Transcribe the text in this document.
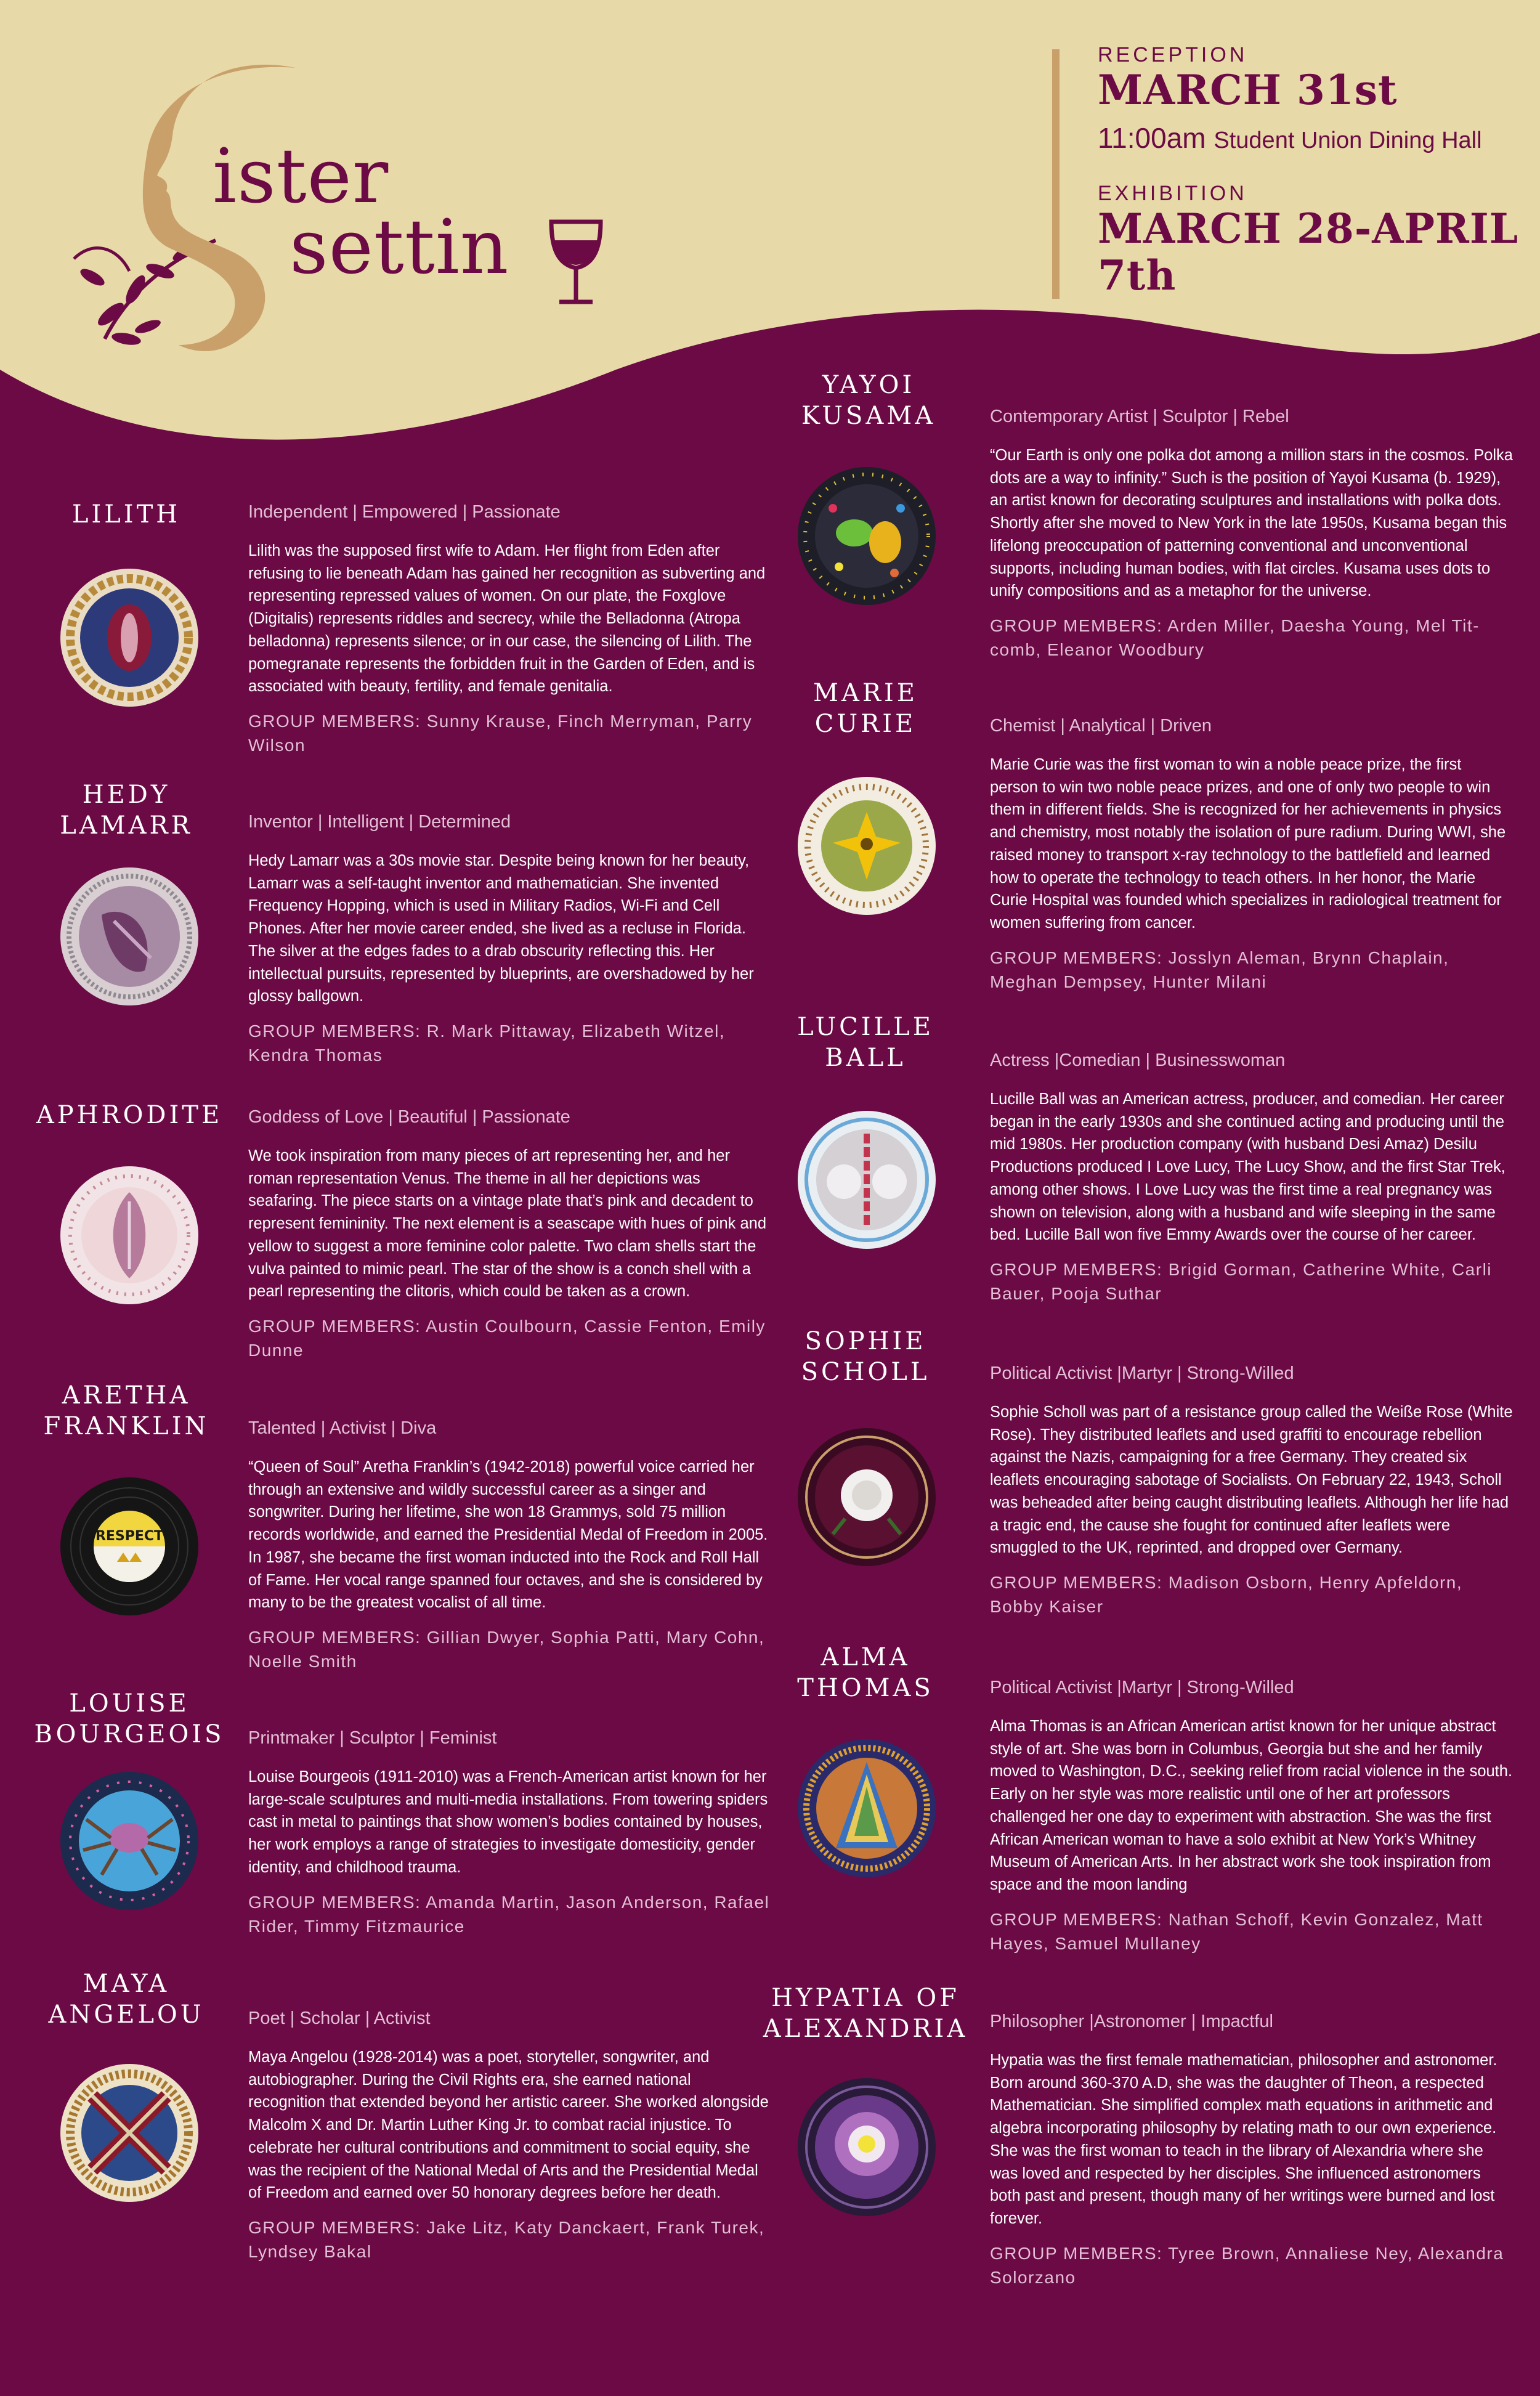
ister
settin
RECEPTION
MARCH 31st
11:00am Student Union Dining Hall
EXHIBITION
MARCH 28-APRIL 7th
LILITH	Independent | Empowered | Passionate

Lilith was the supposed first wife to Adam. Her flight from Eden after refusing to lie beneath Adam has gained her recognition as subverting and representing repressed values of women. On our plate, the Foxglove (Digitalis) represents riddles and secrecy, while the Belladonna (Atropa belladonna) represents silence; or in our case, the silencing of Lilith. The pomegranate represents the forbidden fruit in the Garden of Eden, and is associated with beauty, fertility, and female genitalia.

GROUP MEMBERS: Sunny Krause, Finch Merryman, Parry Wilson
HEDY LAMARR	Inventor | Intelligent | Determined

Hedy Lamarr was a 30s movie star. Despite being known for her beauty, Lamarr was a self-taught inventor and mathematician. She invented Frequency Hopping, which is used in Military Radios, Wi-Fi and Cell Phones. After her movie career ended, she lived as a recluse in Florida. The silver at the edges fades to a drab obscurity reflecting this. Her intellectual pursuits, represented by blueprints, are overshadowed by her glossy ballgown.

GROUP MEMBERS: R. Mark Pittaway, Elizabeth Witzel, Kendra Thomas
APHRODITE	Goddess of Love | Beautiful | Passionate

We took inspiration from many pieces of art representing her, and her roman representation Venus. The theme in all her depictions was seafaring. The piece starts on a vintage plate that’s pink and decadent to represent femininity. The next element is a seascape with hues of pink and yellow to suggest a more feminine color palette. Two clam shells start the vulva painted to mimic pearl. The star of the show is a conch shell with a pearl representing the clitoris, which could be taken as a crown.

GROUP MEMBERS: Austin Coulbourn, Cassie Fenton, Emily Dunne
ARETHA FRANKLIN
RESPECT
Talented | Activist | Diva

“Queen of Soul” Aretha Franklin’s (1942-2018) powerful voice carried her through an extensive and wildly successful career as a singer and songwriter. During her lifetime, she won 18 Grammys, sold 75 million records worldwide, and earned the Presidential Medal of Freedom in 2005. In 1987, she became the first woman inducted into the Rock and Roll Hall of Fame. Her vocal range spanned four octaves, and she is considered by many to be the greatest vocalist of all time.

GROUP MEMBERS: Gillian Dwyer, Sophia Patti, Mary Cohn, Noelle Smith
LOUISE BOURGEOIS	Printmaker | Sculptor | Feminist

Louise Bourgeois (1911-2010) was a French-American artist known for her large-scale sculptures and multi-media installations. From towering spiders cast in metal to paintings that show women’s bodies contained by houses, her work employs a range of strategies to investigate domesticity, gender identity, and childhood trauma.

GROUP MEMBERS: Amanda Martin, Jason Anderson, Rafael Rider, Timmy Fitzmaurice
MAYA ANGELOU	Poet | Scholar | Activist

Maya Angelou (1928-2014) was a poet, storyteller, songwriter, and autobiographer. During the Civil Rights era, she earned national recognition that extended beyond her artistic career. She worked alongside Malcolm X and Dr. Martin Luther King Jr. to combat racial injustice. To celebrate her cultural contributions and commitment to social equity, she was the recipient of the National Medal of Arts and the Presidential Medal of Freedom and earned over 50 honorary degrees before her death.

GROUP MEMBERS: Jake Litz, Katy Danckaert, Frank Turek, Lyndsey Bakal
YAYOI KUSAMA	Contemporary Artist | Sculptor | Rebel

“Our Earth is only one polka dot among a million stars in the cosmos. Polka dots are a way to infinity.” Such is the position of Yayoi Kusama (b. 1929), an artist known for decorating sculptures and installations with polka dots. Shortly after she moved to New York in the late 1950s, Kusama began this lifelong preoccupation of patterning conventional and unconventional supports, including human bodies, with flat circles. Kusama uses dots to unify compositions and as a metaphor for the universe.

GROUP MEMBERS: Arden Miller, Daesha Young, Mel Tit-comb, Eleanor Woodbury
MARIE CURIE	Chemist | Analytical | Driven

Marie Curie was the first woman to win a noble peace prize, the first person to win two noble peace prizes, and one of only two people to win them in different fields. She is recognized for her achievements in physics and chemistry, most notably the isolation of pure radium. During WWI, she raised money to transport x-ray technology to the battlefield and learned how to operate the technology to teach others. In her honor, the Marie Curie Hospital was founded which specializes in radiological treatment for women suffering from cancer.

GROUP MEMBERS: Josslyn Aleman, Brynn Chaplain, Meghan Dempsey, Hunter Milani
LUCILLE BALL	Actress |Comedian | Businesswoman

Lucille Ball was an American actress, producer, and comedian. Her career began in the early 1930s and she continued acting and producing until the mid 1980s. Her production company (with husband Desi Amaz) Desilu Productions produced I Love Lucy, The Lucy Show, and the first Star Trek, among other shows. I Love Lucy was the first time a real pregnancy was shown on television, along with a husband and wife sleeping in the same bed. Lucille Ball won five Emmy Awards over the course of her career.

GROUP MEMBERS: Brigid Gorman, Catherine White, Carli Bauer, Pooja Suthar
SOPHIE SCHOLL	Political Activist |Martyr | Strong-Willed

Sophie Scholl was part of a resistance group called the Weiße Rose (White Rose). They distributed leaflets and used graffiti to encourage rebellion against the Nazis, campaigning for a free Germany. They created six leaflets encouraging sabotage of Socialists. On February 22, 1943, Scholl was beheaded after being caught distributing leaflets. Although her life had a tragic end, the cause she fought for continued after leaflets were smuggled to the UK, reprinted, and dropped over Germany.

GROUP MEMBERS: Madison Osborn, Henry Apfeldorn, Bobby Kaiser
ALMA THOMAS	Political Activist |Martyr | Strong-Willed

Alma Thomas is an African American artist known for her unique abstract style of art. She was born in Columbus, Georgia but she and her family moved to Washington, D.C., seeking relief from racial violence in the south. Early on her style was more realistic until one of her art professors challenged her one day to experiment with abstraction. She was the first African American woman to have a solo exhibit at New York’s Whitney Museum of American Arts. In her abstract work she took inspiration from space and the moon landing

GROUP MEMBERS: Nathan Schoff, Kevin Gonzalez, Matt Hayes, Samuel Mullaney
HYPATIA OF ALEXANDRIA	Philosopher |Astronomer | Impactful

Hypatia was the first female mathematician, philosopher and astronomer. Born around 360-370 A.D, she was the daughter of Theon, a respected Mathematician. She simplified complex math equations in arithmetic and algebra incorporating philosophy by relating math to our own experience. She was the first woman to teach in the library of Alexandria where she was loved and respected by her disciples. She influenced astronomers both past and present, though many of her writings were burned and lost forever.

GROUP MEMBERS: Tyree Brown, Annaliese Ney, Alexandra Solorzano
